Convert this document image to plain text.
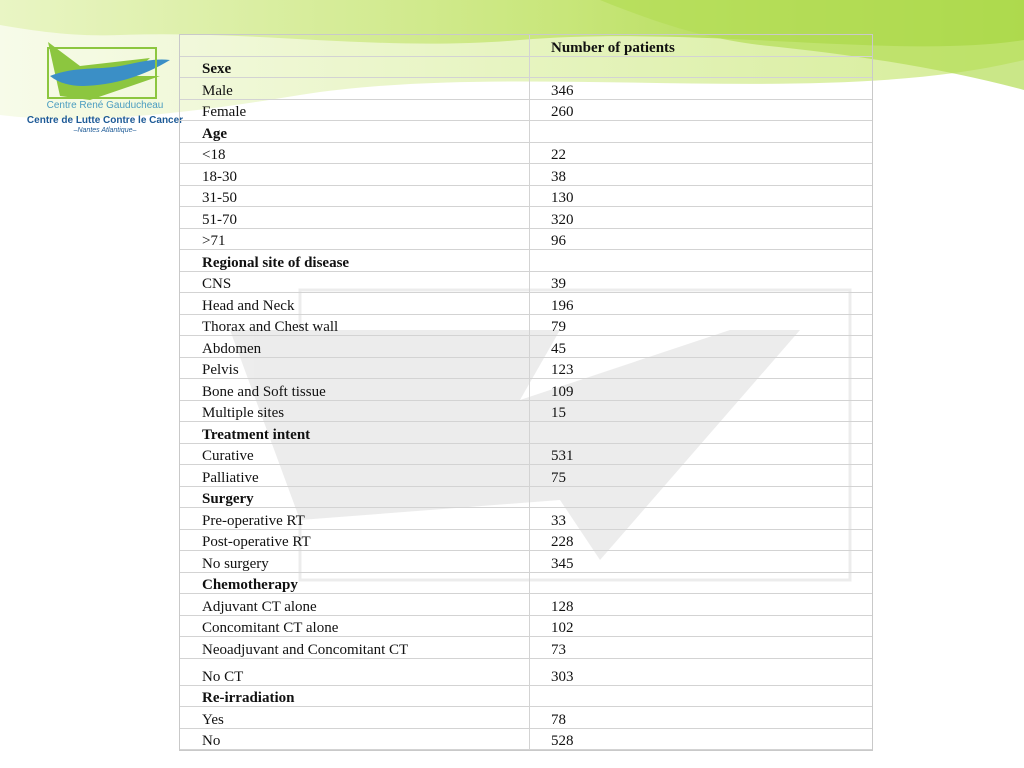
Centre René Gauducheau
Centre de Lutte Contre le Cancer
–Nantes Atlantique–
	Number of patients
Sexe	
Male	346
Female	260
Age	
<18	22
18-30	38
31-50	130
51-70	320
>71	96
Regional site of disease	
CNS	39
Head and Neck	196
Thorax and Chest wall	79
Abdomen	45
Pelvis	123
Bone and Soft tissue	109
Multiple sites	15
Treatment intent	
Curative	531
Palliative	75
Surgery	
Pre-operative RT	33
Post-operative RT	228
No surgery	345
Chemotherapy	
Adjuvant CT alone	128
Concomitant CT alone	102
Neoadjuvant and Concomitant CT	73
No CT	303
Re-irradiation	
Yes	78
No	528
